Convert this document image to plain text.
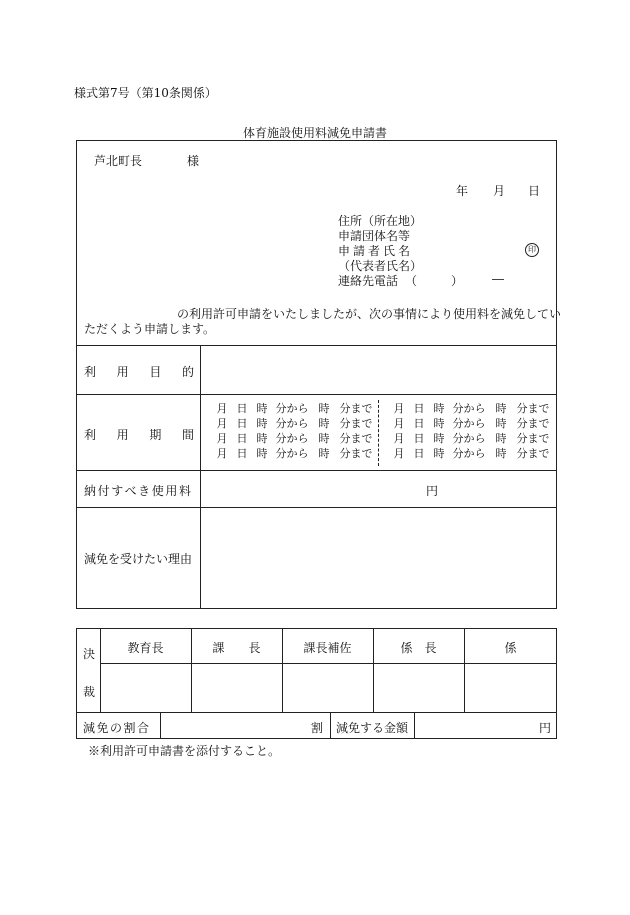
様式第7号（第10条関係）
体育施設使用料減免申請書
芦北町長	様
年 月 日
住所（所在地）
申請団体名等
申請者氏名	印
（代表者氏名）
連絡先電話 （	） ―
の利用許可申請をいたしましたが、次の事情により使用料を減免してい
ただくよう申請します。
利 用 目 的
利 用 期 間
月 日 時 分から 時 分まで
月 日 時 分から 時 分まで
月 日 時 分から 時 分まで
月 日 時 分から 時 分まで
月 日 時 分から 時 分まで
月 日 時 分から 時 分まで
月 日 時 分から 時 分まで
月 日 時 分から 時 分まで
納付すべき使用料	円
減免を受けたい理由
決
裁
教育長	課　　長	課長補佐	係　長	係
減免の割合	割 減免する金額	円
※利用許可申請書を添付すること。
